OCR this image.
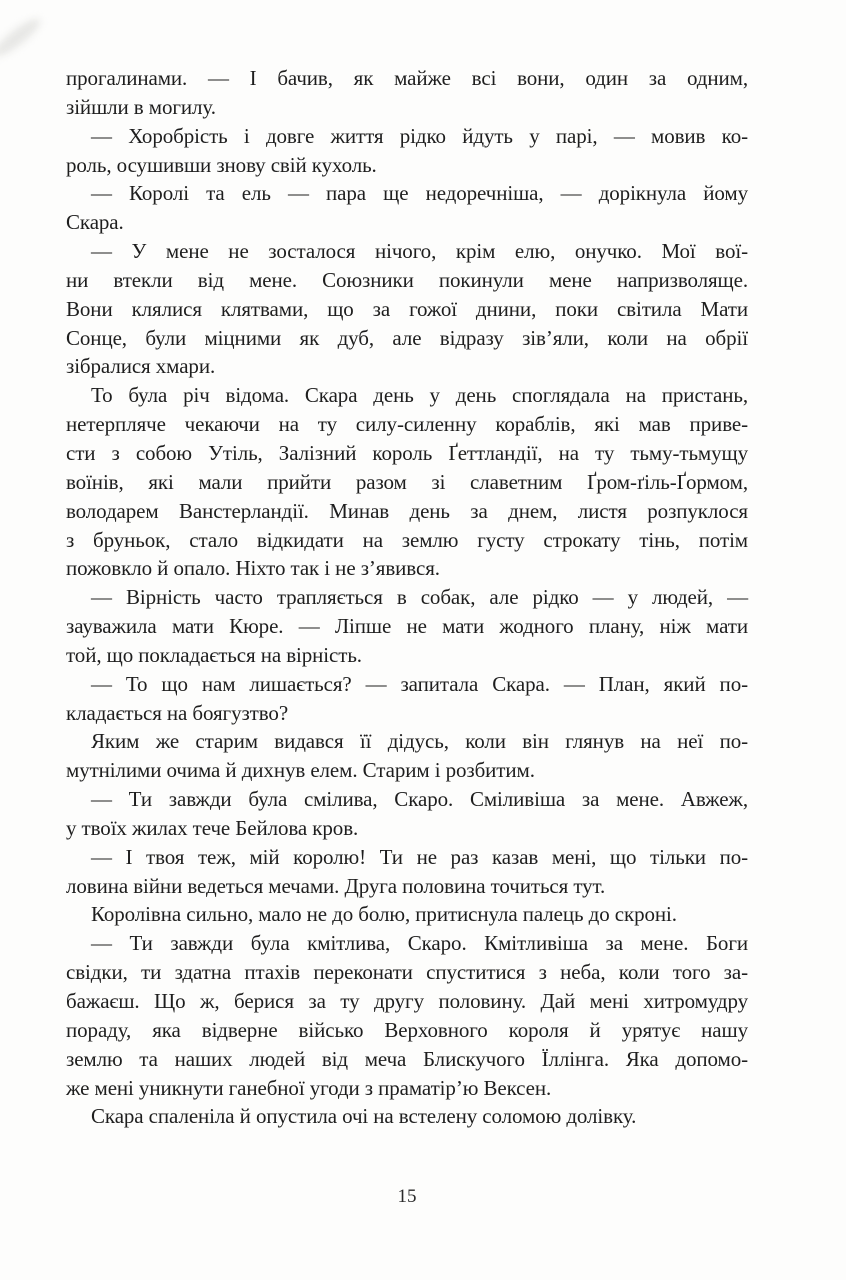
прогалинами. — І бачив, як майже всі вони, один за одним,
зійшли в могилу.
— Хоробрість і довге життя рідко йдуть у парі, — мовив ко-
роль, осушивши знову свій кухоль.
— Королі та ель — пара ще недоречніша, — дорікнула йому
Скара.
— У мене не зосталося нічого, крім елю, онучко. Мої вої-
ни втекли від мене. Союзники покинули мене напризволяще.
Вони клялися клятвами, що за гожої днини, поки світила Мати
Сонце, були міцними як дуб, але відразу зів’яли, коли на обрії
зібралися хмари.
То була річ відома. Скара день у день споглядала на пристань,
нетерпляче чекаючи на ту силу-силенну кораблів, які мав приве-
сти з собою Утіль, Залізний король Ґеттландії, на ту тьму-тьмущу
воїнів, які мали прийти разом зі славетним Ґром-ґіль-Ґормом,
володарем Ванстерландії. Минав день за днем, листя розпуклося
з бруньок, стало відкидати на землю густу строкату тінь, потім
пожовкло й опало. Ніхто так і не з’явився.
— Вірність часто трапляється в собак, але рідко — у людей, —
зауважила мати Кюре. — Ліпше не мати жодного плану, ніж мати
той, що покладається на вірність.
— То що нам лишається? — запитала Скара. — План, який по-
кладається на боягузтво?
Яким же старим видався її дідусь, коли він глянув на неї по-
мутнілими очима й дихнув елем. Старим і розбитим.
— Ти завжди була смілива, Скаро. Сміливіша за мене. Авжеж,
у твоїх жилах тече Бейлова кров.
— І твоя теж, мій королю! Ти не раз казав мені, що тільки по-
ловина війни ведеться мечами. Друга половина точиться тут.
Королівна сильно, мало не до болю, притиснула палець до скроні.
— Ти завжди була кмітлива, Скаро. Кмітливіша за мене. Боги
свідки, ти здатна птахів переконати спуститися з неба, коли того за-
бажаєш. Що ж, берися за ту другу половину. Дай мені хитромудру
пораду, яка відверне військо Верховного короля й урятує нашу
землю та наших людей від меча Блискучого Їллінга. Яка допомо-
же мені уникнути ганебної угоди з праматір’ю Вексен.
Скара спаленіла й опустила очі на встелену соломою долівку.
15
